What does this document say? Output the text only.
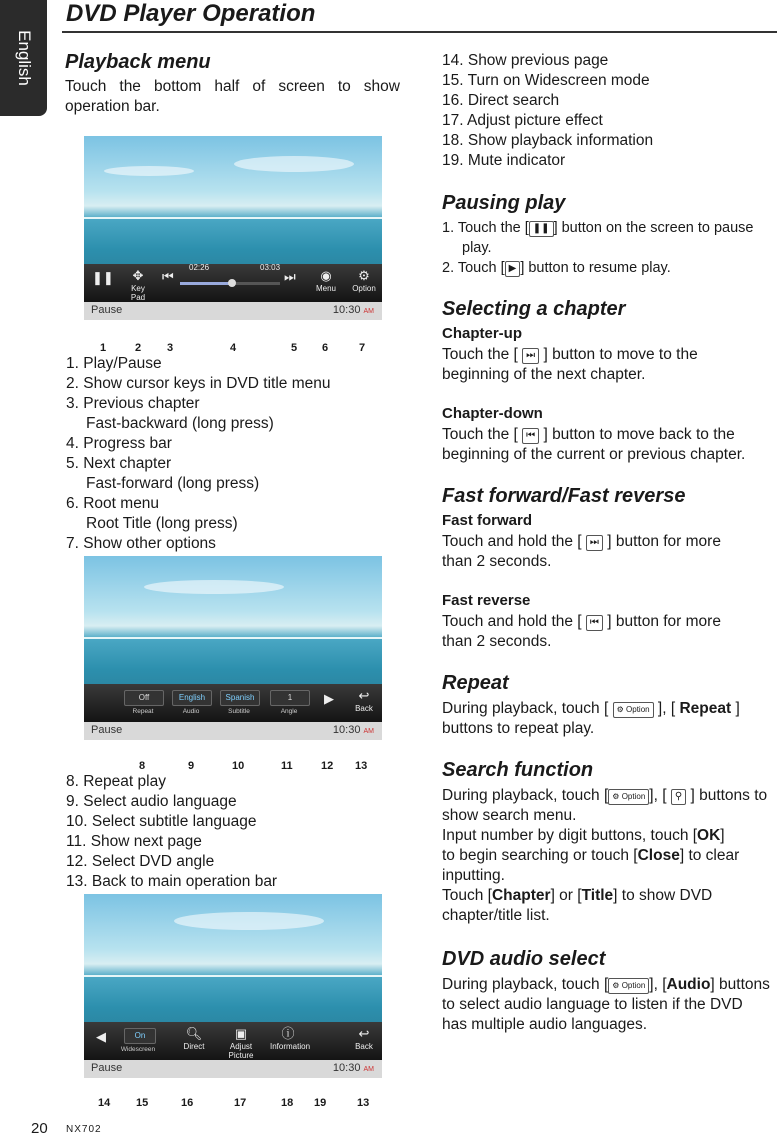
English
DVD Player Operation
Playback menu

Touch the bottom half of screen to show operation bar.

❚❚	✥
Key Pad
⏮
02:26	03:03
⏭	◉
Menu
⚙
Option
Pause	10:30 AM
1	2 3	4	5 6	7
1. Play/Pause
2. Show cursor keys in DVD title menu
3. Previous chapter
Fast-backward (long press)
4. Progress bar
5. Next chapter
Fast-forward (long press)
6. Root menu
Root Title (long press)
7. Show other options
Off
Repeat
English
Audio
Spanish
Subtitle
1
Angle
▶	↩
Back
Pause	10:30 AM
8	9	10	11	12 13
8. Repeat play
9. Select audio language
10. Select subtitle language
11. Show next page
12. Select DVD angle
13. Back to main operation bar
◀	On
Widescreen
🔍︎
Direct
▣
Adjust Picture
ⓘ
Information
↩
Back
Pause	10:30 AM
14 15	16	17	18 19	13
14. Show previous page
15. Turn on Widescreen mode
16. Direct search
17. Adjust picture effect
18. Show playback information
19. Mute indicator
Pausing play

1. Touch the [ ❚❚ ] button on the screen to pause
play.

2. Touch [ ▶ ] button to resume play.

Selecting a chapter
Chapter-up

Touch the [ ⏭ ] button to move to the
beginning of the next chapter.

Chapter-down

Touch the [ ⏮ ] button to move back to the
beginning of the current or previous chapter.

Fast forward/Fast reverse
Fast forward

Touch and hold the [ ⏭ ] button for more
than 2 seconds.

Fast reverse

Touch and hold the [ ⏮ ] button for more
than 2 seconds.

Repeat

During playback, touch [ ⚙ Option ], [ Repeat ]
buttons to repeat play.

Search function

During playback, touch [ ⚙ Option ], [ ⚲ ] buttons to
show search menu.

Input number by digit buttons, touch [OK]
to begin searching or touch [Close] to clear
inputting.
Touch [Chapter] or [Title] to show DVD
chapter/title list.

DVD audio select

During playback, touch [ ⚙ Option ], [Audio] buttons
to select audio language to listen if the DVD
has multiple audio languages.

20 NX702
